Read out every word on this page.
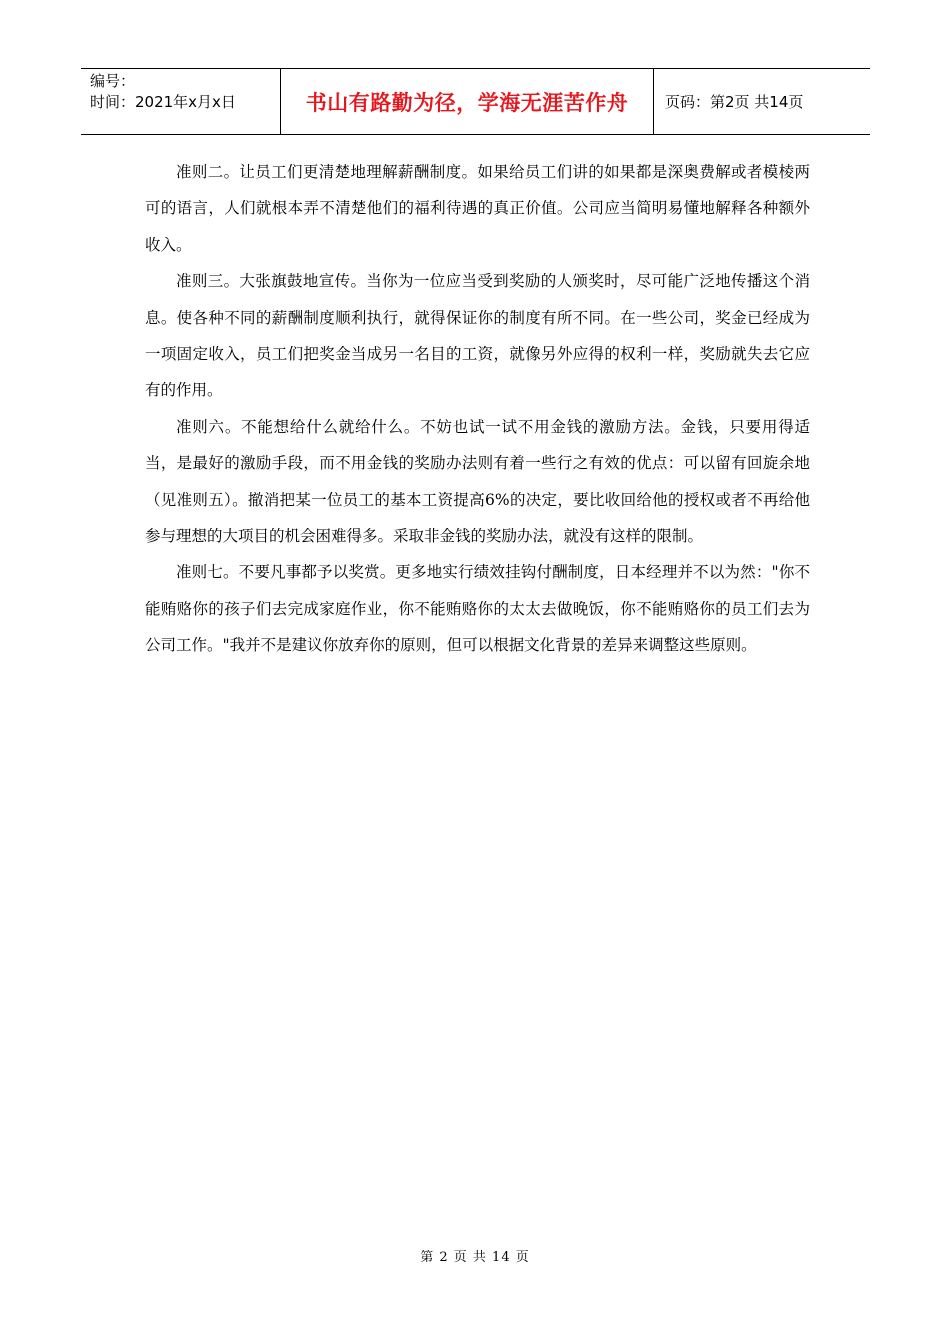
编号：
时间：2021年x月x日	书山有路勤为径，学海无涯苦作舟 页码：第2页 共14页

准则二。让员工们更清楚地理解薪酬制度。如果给员工们讲的如果都是深奥费解或者模棱两可的语言，人们就根本弄不清楚他们的福利待遇的真正价值。公司应当简明易懂地解释各种额外收入。

准则三。大张旗鼓地宣传。当你为一位应当受到奖励的人颁奖时，尽可能广泛地传播这个消息。使各种不同的薪酬制度顺利执行，就得保证你的制度有所不同。在一些公司，奖金已经成为一项固定收入，员工们把奖金当成另一名目的工资，就像另外应得的权利一样，奖励就失去它应有的作用。

准则六。不能想给什么就给什么。不妨也试一试不用金钱的激励方法。金钱，只要用得适当，是最好的激励手段，而不用金钱的奖励办法则有着一些行之有效的优点：可以留有回旋余地（见准则五）。撤消把某一位员工的基本工资提高6%的决定，要比收回给他的授权或者不再给他参与理想的大项目的机会困难得多。采取非金钱的奖励办法，就没有这样的限制。

准则七。不要凡事都予以奖赏。更多地实行绩效挂钩付酬制度，日本经理并不以为然："你不能贿赂你的孩子们去完成家庭作业，你不能贿赂你的太太去做晚饭，你不能贿赂你的员工们去为公司工作。"我并不是建议你放弃你的原则，但可以根据文化背景的差异来调整这些原则。

第 2 页 共 14 页
